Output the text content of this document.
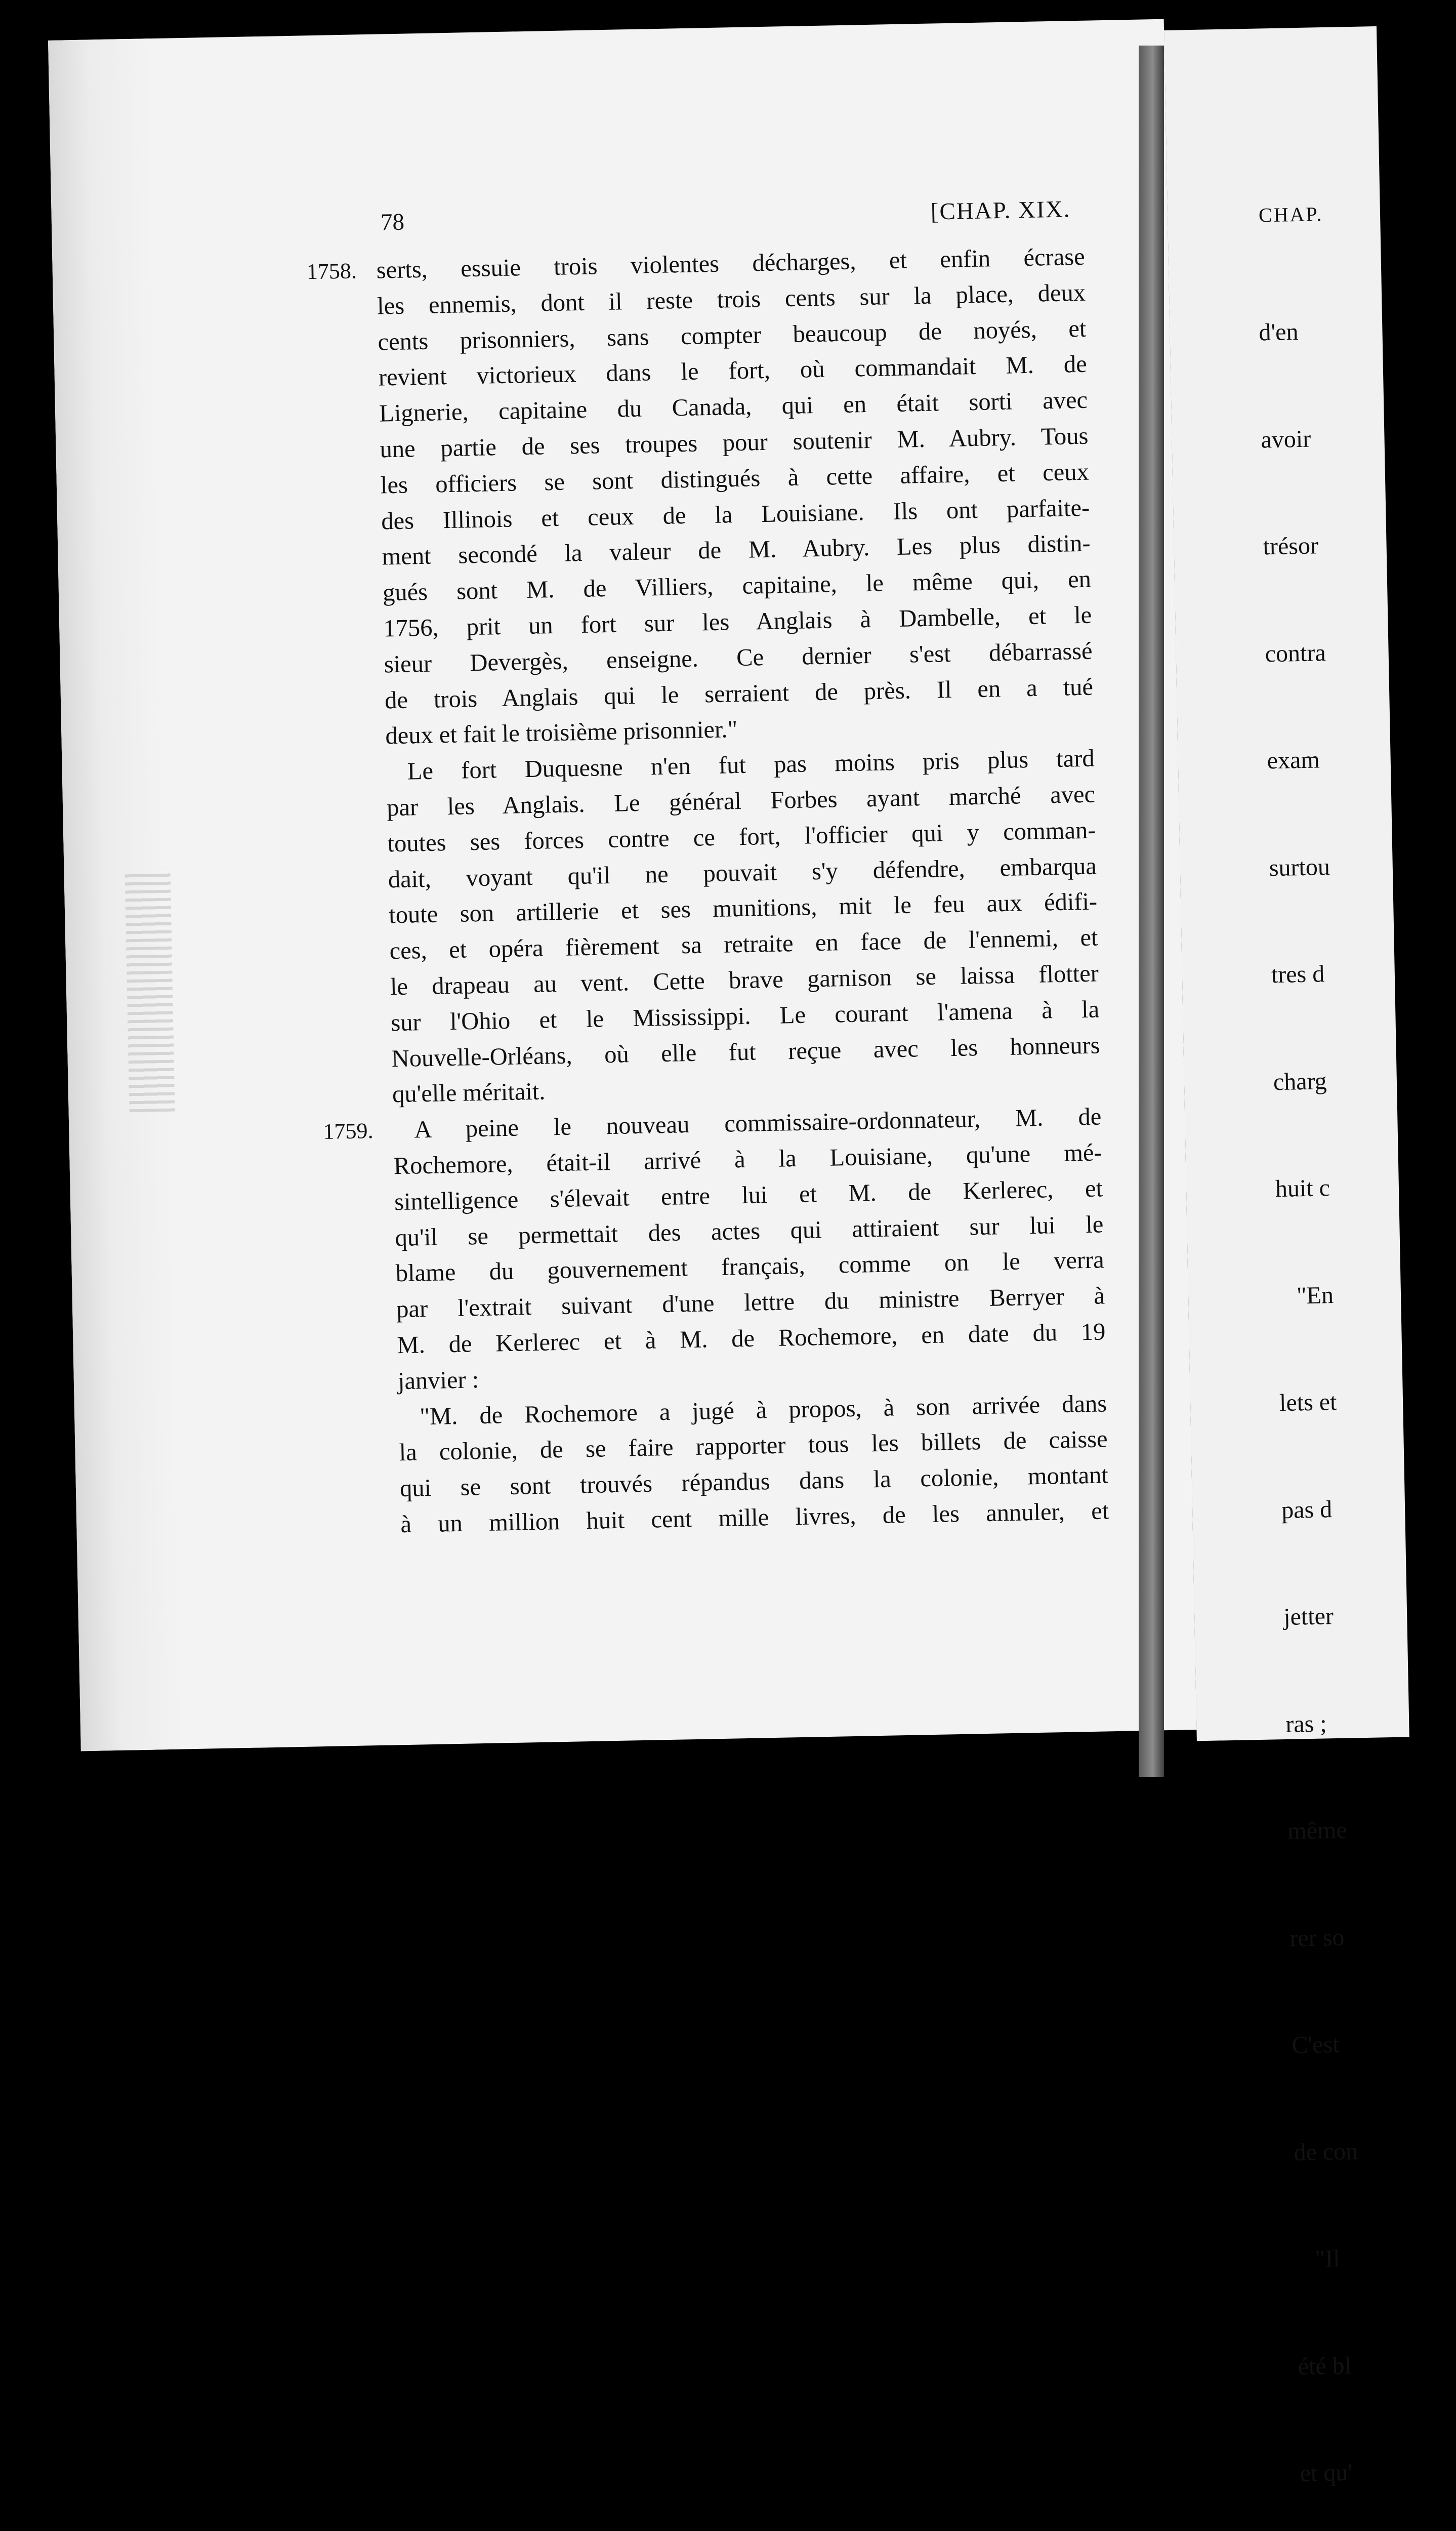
78	[CHAP. XIX.
1758. serts, essuie trois violentes décharges, et enfin écrase
les ennemis, dont il reste trois cents sur la place, deux
cents prisonniers, sans compter beaucoup de noyés, et
revient victorieux dans le fort, où commandait M. de
Lignerie, capitaine du Canada, qui en était sorti avec
une partie de ses troupes pour soutenir M. Aubry. Tous
les officiers se sont distingués à cette affaire, et ceux
des Illinois et ceux de la Louisiane. Ils ont parfaite-
ment secondé la valeur de M. Aubry. Les plus distin-
gués sont M. de Villiers, capitaine, le même qui, en
1756, prit un fort sur les Anglais à Dambelle, et le
sieur Devergès, enseigne. Ce dernier s'est débarrassé
de trois Anglais qui le serraient de près. Il en a tué
deux et fait le troisième prisonnier."
Le fort Duquesne n'en fut pas moins pris plus tard
par les Anglais. Le général Forbes ayant marché avec
toutes ses forces contre ce fort, l'officier qui y comman-
dait, voyant qu'il ne pouvait s'y défendre, embarqua
toute son artillerie et ses munitions, mit le feu aux édifi-
ces, et opéra fièrement sa retraite en face de l'ennemi, et
le drapeau au vent. Cette brave garnison se laissa flotter
sur l'Ohio et le Mississippi. Le courant l'amena à la
Nouvelle-Orléans, où elle fut reçue avec les honneurs
qu'elle méritait.
1759.	A peine le nouveau commissaire-ordonnateur, M. de
Rochemore, était-il arrivé à la Louisiane, qu'une mé-
sintelligence s'élevait entre lui et M. de Kerlerec, et
qu'il se permettait des actes qui attiraient sur lui le
blame du gouvernement français, comme on le verra
par l'extrait suivant d'une lettre du ministre Berryer à
M. de Kerlerec et à M. de Rochemore, en date du 19
janvier :
"M. de Rochemore a jugé à propos, à son arrivée dans
la colonie, de se faire rapporter tous les billets de caisse
qui se sont trouvés répandus dans la colonie, montant
à un million huit cent mille livres, de les annuler, et
CHAP.

d'en

avoir

trésor

contra

exam

surtou

tres d

charg

huit c

"En

lets et

pas d

jetter

ras ;

même

rer so

C'est

de con

"Il

été bl

et qu'
